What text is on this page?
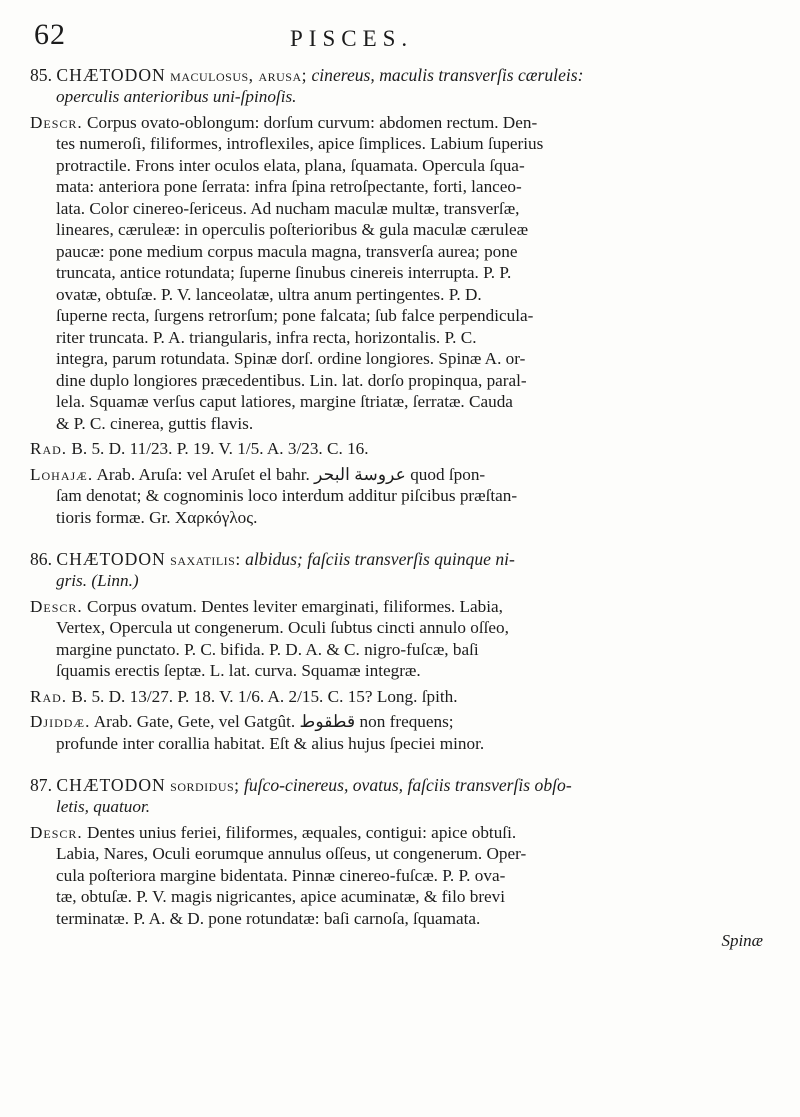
62	PISCES.

85. CHÆTODON maculosus, arusa; cinereus, maculis transverſis cæruleis:

operculis anterioribus uni-ſpinoſis.

Descr. Corpus ovato-oblongum: dorſum curvum: abdomen rectum. Den-

tes numeroſi, filiformes, introflexiles, apice ſimplices. Labium ſuperius

protractile. Frons inter oculos elata, plana, ſquamata. Opercula ſqua-

mata: anteriora pone ſerrata: infra ſpina retroſpectante, forti, lanceo-

lata. Color cinereo-ſericeus. Ad nucham maculæ multæ, transverſæ,

lineares, cæruleæ: in operculis poſterioribus & gula maculæ cæruleæ

paucæ: pone medium corpus macula magna, transverſa aurea; pone

truncata, antice rotundata; ſuperne ſinubus cinereis interrupta. P. P.

ovatæ, obtuſæ. P. V. lanceolatæ, ultra anum pertingentes. P. D.

ſuperne recta, ſurgens retrorſum; pone falcata; ſub falce perpendicula-

riter truncata. P. A. triangularis, infra recta, horizontalis. P. C.

integra, parum rotundata. Spinæ dorſ. ordine longiores. Spinæ A. or-

dine duplo longiores præcedentibus. Lin. lat. dorſo propinqua, paral-

lela. Squamæ verſus caput latiores, margine ſtriatæ, ſerratæ. Cauda

& P. C. cinerea, guttis flavis.

Rad. B. 5. D. 11/23. P. 19. V. 1/5. A. 3/23. C. 16.

Lohajæ. Arab. Aruſa: vel Aruſet el bahr. عروسة البحر quod ſpon-

ſam denotat; & cognominis loco interdum additur piſcibus præſtan-

tioris formæ. Gr. Χαρκόγλος.

86. CHÆTODON saxatilis: albidus; faſciis transverſis quinque ni-

gris. (Linn.)

Descr. Corpus ovatum. Dentes leviter emarginati, filiformes. Labia,

Vertex, Opercula ut congenerum. Oculi ſubtus cincti annulo oſſeo,

margine punctato. P. C. bifida. P. D. A. & C. nigro-fuſcæ, baſi

ſquamis erectis ſeptæ. L. lat. curva. Squamæ integræ.

Rad. B. 5. D. 13/27. P. 18. V. 1/6. A. 2/15. C. 15? Long. ſpith.

Djiddæ. Arab. Gate, Gete, vel Gatgût. قطقوط non frequens;

profunde inter corallia habitat. Eſt & alius hujus ſpeciei minor.

87. CHÆTODON sordidus; fuſco-cinereus, ovatus, faſciis transverſis obſo-

letis, quatuor.

Descr. Dentes unius feriei, filiformes, æquales, contigui: apice obtuſi.

Labia, Nares, Oculi eorumque annulus oſſeus, ut congenerum. Oper-

cula poſteriora margine bidentata. Pinnæ cinereo-fuſcæ. P. P. ova-

tæ, obtuſæ. P. V. magis nigricantes, apice acuminatæ, & filo brevi

terminatæ. P. A. & D. pone rotundatæ: baſi carnoſa, ſquamata.

Spinæ
